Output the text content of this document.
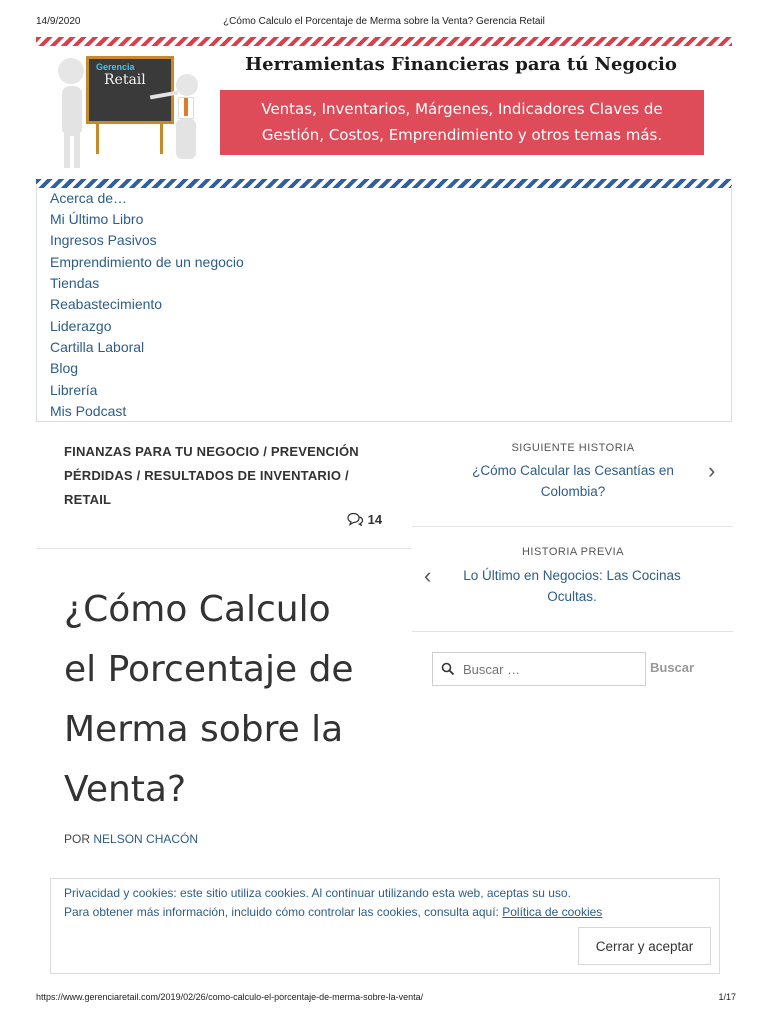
14/9/2020	¿Cómo Calculo el Porcentaje de Merma sobre la Venta? Gerencia Retail
Gerencia
Retail
Herramientas Financieras para tú Negocio
Ventas, Inventarios, Márgenes, Indicadores Claves de
Gestión, Costos, Emprendimiento y otros temas más.
Acerca de…
Mi Último Libro
Ingresos Pasivos
Emprendimiento de un negocio
Tiendas
Reabastecimiento
Liderazgo
Cartilla Laboral
Blog
Librería
Mis Podcast
FINANZAS PARA TU NEGOCIO / PREVENCIÓN
PÉRDIDAS / RESULTADOS DE INVENTARIO /
RETAIL
14
¿Cómo Calculo
el Porcentaje de
Merma sobre la
Venta?
POR NELSON CHACÓN
SIGUIENTE HISTORIA
¿Cómo Calcular las Cesantías en
Colombia?
›
HISTORIA PREVIA
‹	Lo Último en Negocios: Las Cocinas
Ocultas.
Buscar …
Buscar
Privacidad y cookies: este sitio utiliza cookies. Al continuar utilizando esta web, aceptas su uso.
Para obtener más información, incluido cómo controlar las cookies, consulta aquí: Política de cookies
Cerrar y aceptar
https://www.gerenciaretail.com/2019/02/26/como-calculo-el-porcentaje-de-merma-sobre-la-venta/	1/17
